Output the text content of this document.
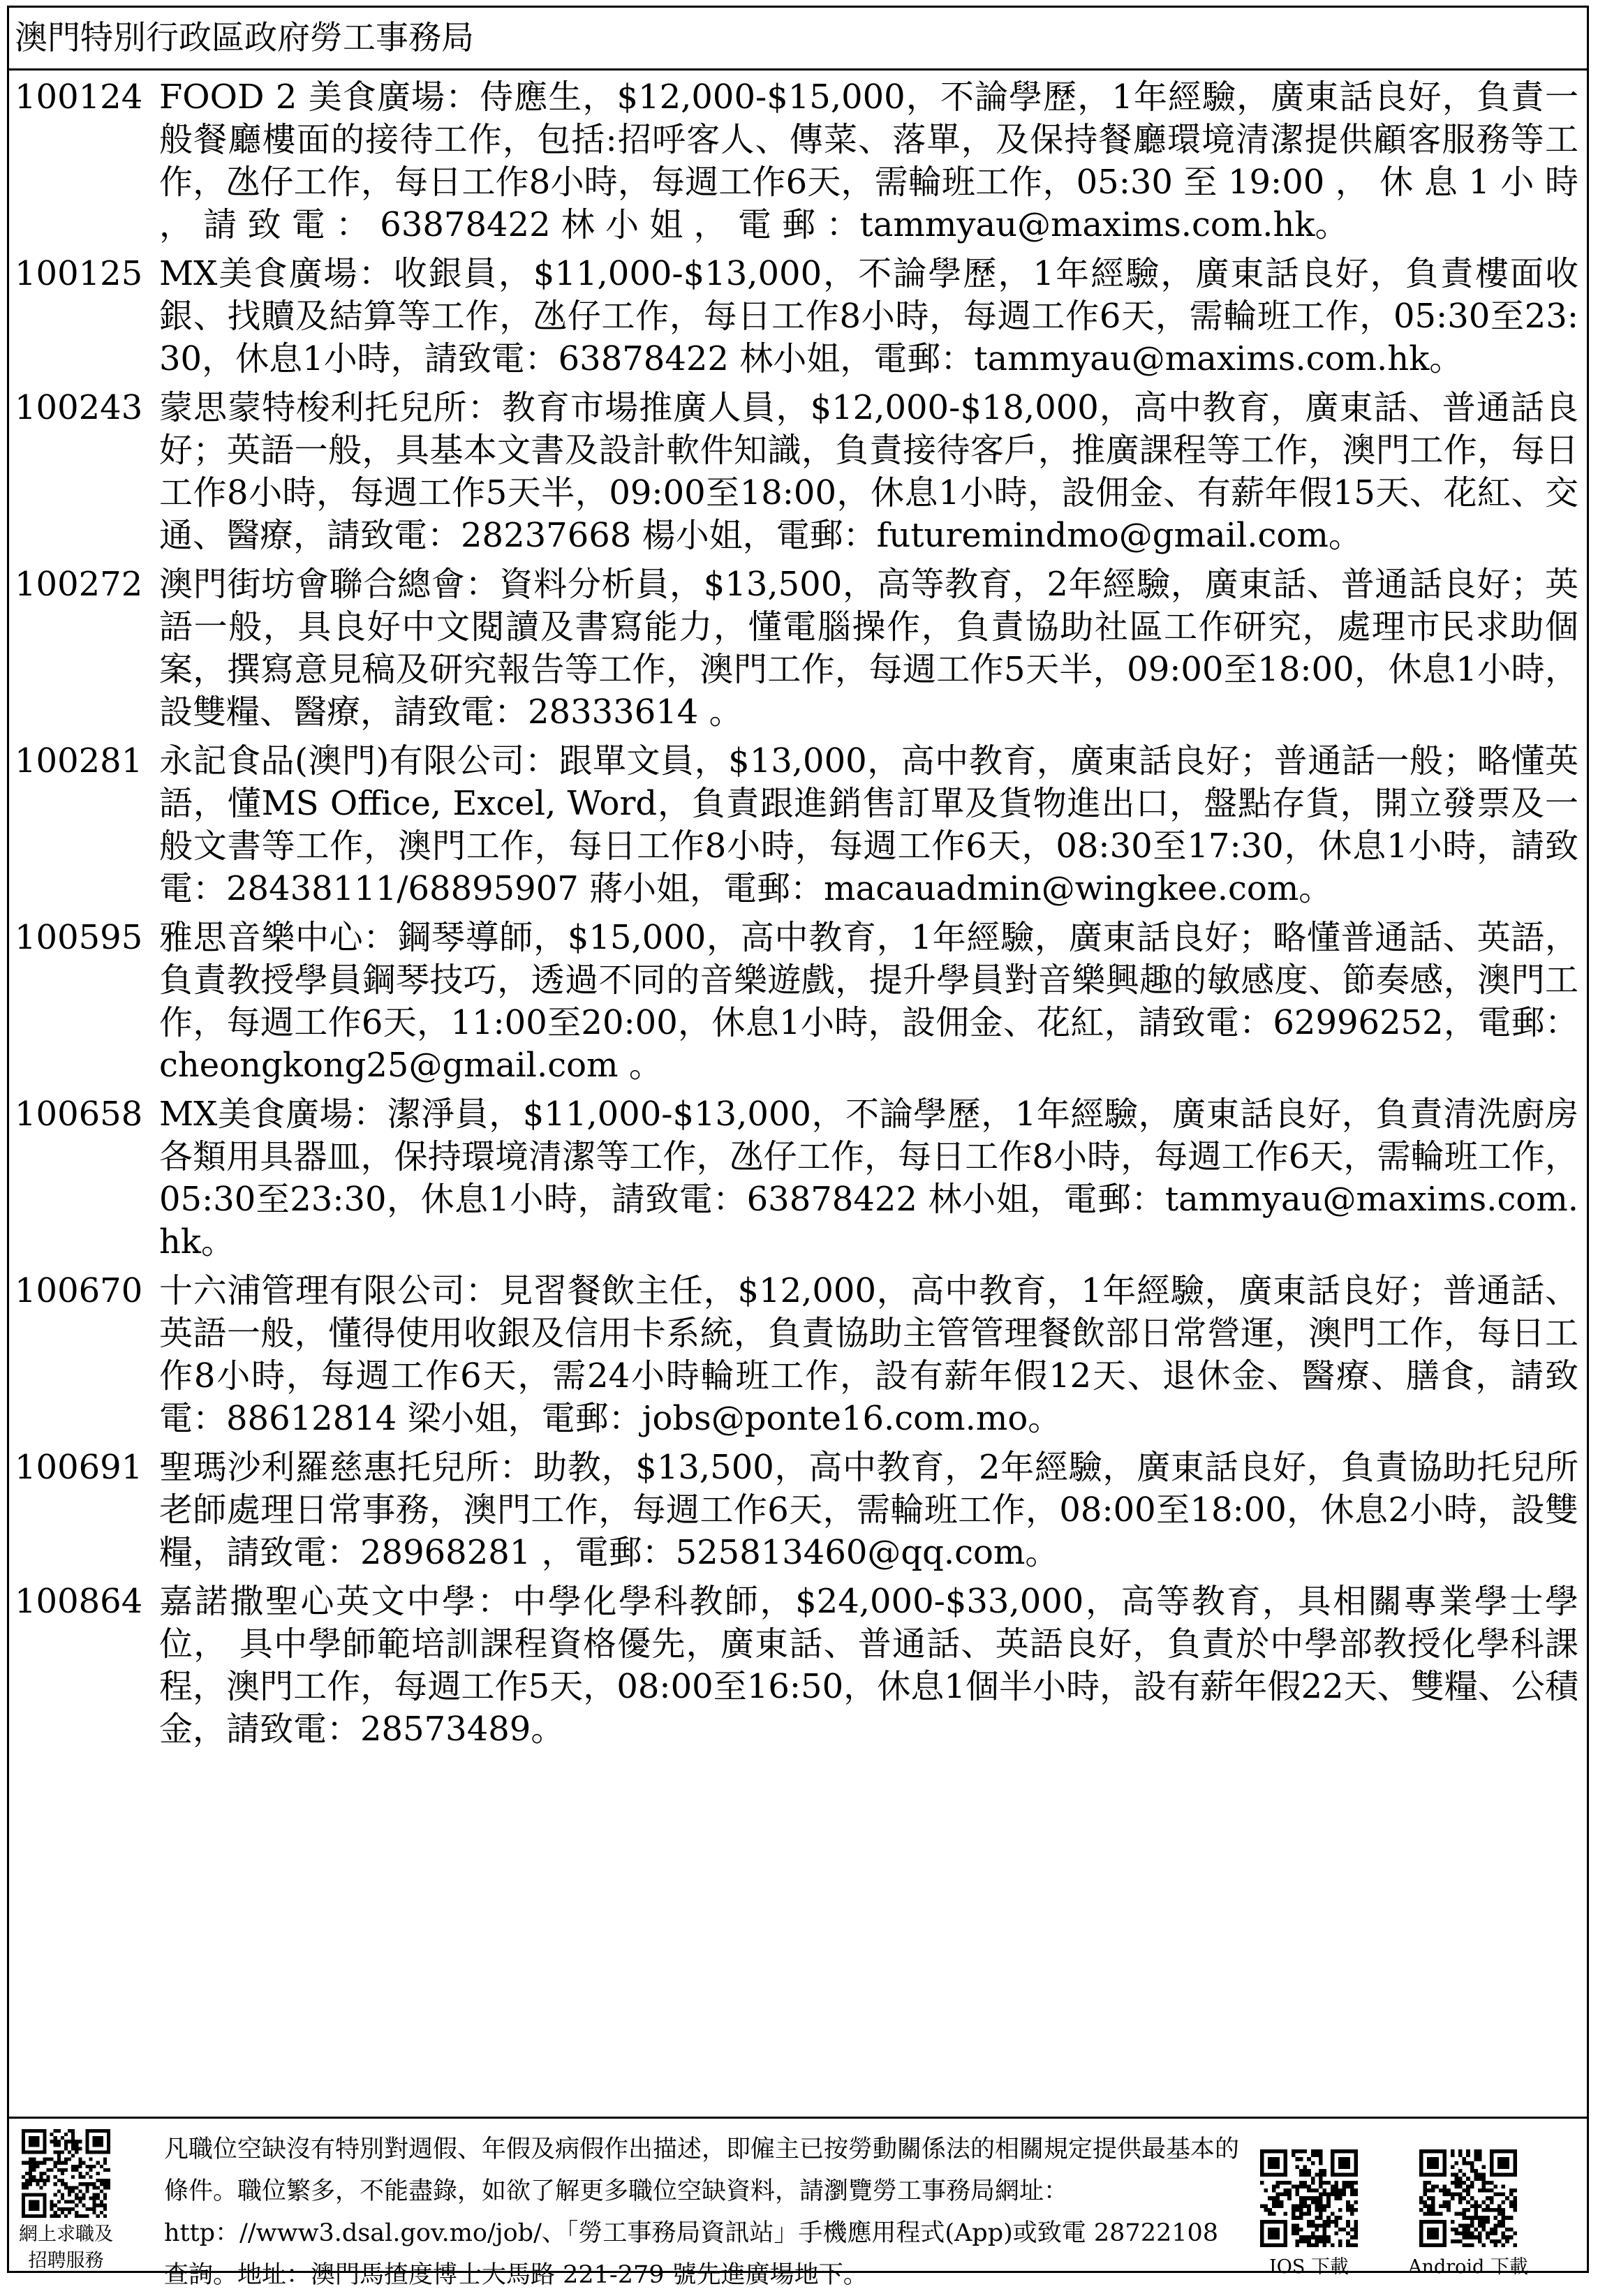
澳門特別行政區政府勞工事務局
100124 FOOD 2 美食廣場：侍應生，$12,000-$15,000，不論學歷，1年經驗，廣東話良好，負責一般餐廳樓面的接待工作，包括:招呼客人、傳菜、落單，及保持餐廳環境清潔提供顧客服務等工作，氹仔工作，每日工作8小時，每週工作6天，需輪班工作，05:30 至 19:00 ， 休 息 1 小 時 ， 請 致 電 ： 63878422 林 小 姐 ， 電 郵 ：tammyau@maxims.com.hk。
100125 MX美食廣場：收銀員，$11,000-$13,000，不論學歷，1年經驗，廣東話良好，負責樓面收銀、找贖及結算等工作，氹仔工作，每日工作8小時，每週工作6天，需輪班工作，05:30至23:30，休息1小時，請致電：63878422 林小姐，電郵：tammyau@maxims.com.hk。
100243 蒙思蒙特梭利托兒所：教育市場推廣人員，$12,000-$18,000，高中教育，廣東話、普通話良好；英語一般，具基本文書及設計軟件知識，負責接待客戶，推廣課程等工作，澳門工作，每日工作8小時，每週工作5天半，09:00至18:00，休息1小時，設佣金、有薪年假15天、花紅、交通、醫療，請致電：28237668 楊小姐，電郵：futuremindmo@gmail.com。
100272 澳門街坊會聯合總會：資料分析員，$13,500，高等教育，2年經驗，廣東話、普通話良好；英語一般，具良好中文閱讀及書寫能力，懂電腦操作，負責協助社區工作研究，處理市民求助個案，撰寫意見稿及研究報告等工作，澳門工作，每週工作5天半，09:00至18:00，休息1小時，設雙糧、醫療，請致電：28333614 。
100281 永記食品(澳門)有限公司：跟單文員，$13,000，高中教育，廣東話良好；普通話一般；略懂英語，懂MS Office, Excel, Word，負責跟進銷售訂單及貨物進出口，盤點存貨，開立發票及一般文書等工作，澳門工作，每日工作8小時，每週工作6天，08:30至17:30，休息1小時，請致電：28438111/68895907 蔣小姐，電郵：macauadmin@wingkee.com。
100595 雅思音樂中心：鋼琴導師，$15,000，高中教育，1年經驗，廣東話良好；略懂普通話、英語，負責教授學員鋼琴技巧，透過不同的音樂遊戲，提升學員對音樂興趣的敏感度、節奏感，澳門工作，每週工作6天，11:00至20:00，休息1小時，設佣金、花紅，請致電：62996252，電郵：cheongkong25@gmail.com 。
100658 MX美食廣場：潔淨員，$11,000-$13,000，不論學歷，1年經驗，廣東話良好，負責清洗廚房各類用具器皿，保持環境清潔等工作，氹仔工作，每日工作8小時，每週工作6天，需輪班工作，05:30至23:30，休息1小時，請致電：63878422 林小姐，電郵：tammyau@maxims.com.hk。
100670 十六浦管理有限公司：見習餐飲主任，$12,000，高中教育，1年經驗，廣東話良好；普通話、英語一般，懂得使用收銀及信用卡系統，負責協助主管管理餐飲部日常營運，澳門工作，每日工作8小時，每週工作6天，需24小時輪班工作，設有薪年假12天、退休金、醫療、膳食，請致電：88612814 梁小姐，電郵：jobs@ponte16.com.mo。
100691 聖瑪沙利羅慈惠托兒所：助教，$13,500，高中教育，2年經驗，廣東話良好，負責協助托兒所老師處理日常事務，澳門工作，每週工作6天，需輪班工作，08:00至18:00，休息2小時，設雙糧，請致電：28968281 ，電郵：525813460@qq.com。
100864 嘉諾撒聖心英文中學：中學化學科教師，$24,000-$33,000，高等教育，具相關專業學士學位， 具中學師範培訓課程資格優先，廣東話、普通話、英語良好，負責於中學部教授化學科課程，澳門工作，每週工作5天，08:00至16:50，休息1個半小時，設有薪年假22天、雙糧、公積金，請致電：28573489。
網上求職及
招聘服務
凡職位空缺沒有特別對週假、年假及病假作出描述，即僱主已按勞動關係法的相關規定提供最基本的條件。職位繁多，不能盡錄，如欲了解更多職位空缺資料，請瀏覽勞工事務局網址：http：//www3.dsal.gov.mo/job/、「勞工事務局資訊站」手機應用程式(App)或致電 28722108 查詢。地址：澳門馬揸度博士大馬路 221-279 號先進廣場地下。	IOS 下載	Android 下載
